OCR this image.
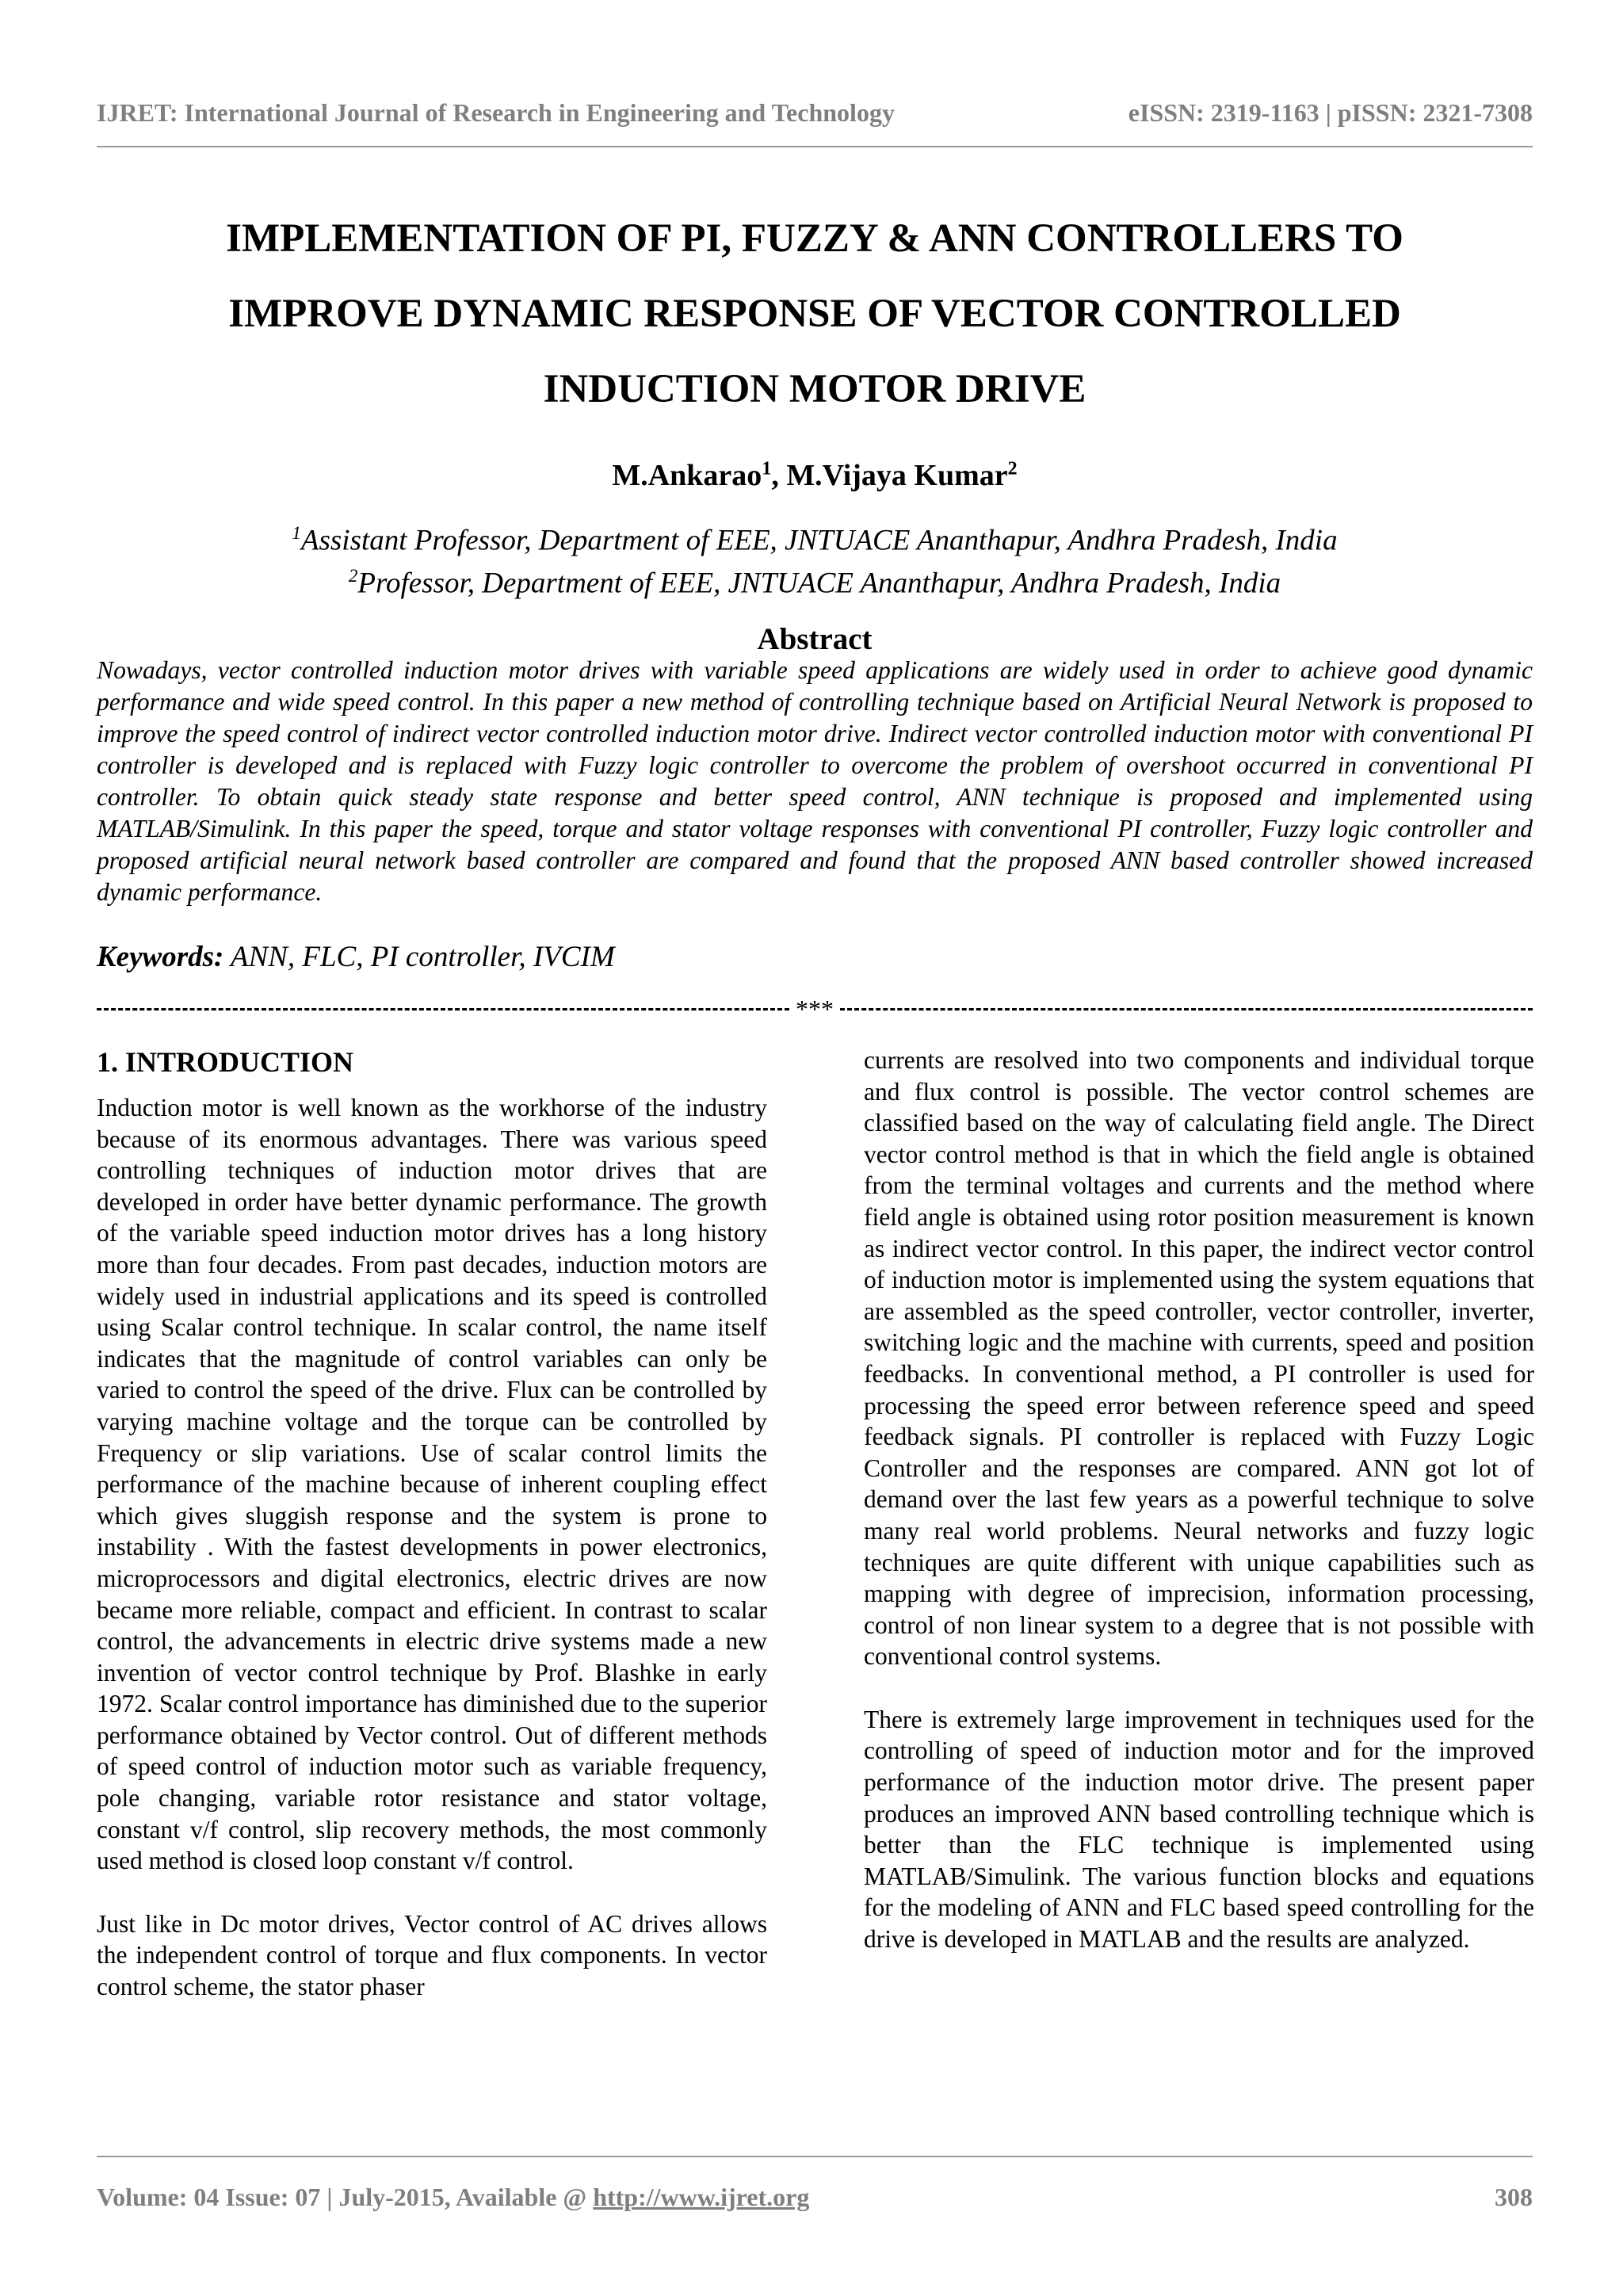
IJRET: International Journal of Research in Engineering and Technology	eISSN: 2319-1163 | pISSN: 2321-7308
IMPLEMENTATION OF PI, FUZZY & ANN CONTROLLERS TO
IMPROVE DYNAMIC RESPONSE OF VECTOR CONTROLLED
INDUCTION MOTOR DRIVE
M.Ankarao$^1$, M.Vijaya Kumar$^2$
$^1$Assistant Professor, Department of EEE, JNTUACE Ananthapur, Andhra Pradesh, India
$^2$Professor, Department of EEE, JNTUACE Ananthapur, Andhra Pradesh, India
Abstract
Nowadays, vector controlled induction motor drives with variable speed applications are widely used in order to achieve good dynamic performance and wide speed control. In this paper a new method of controlling technique based on Artificial Neural Network is proposed to improve the speed control of indirect vector controlled induction motor drive. Indirect vector controlled induction motor with conventional PI controller is developed and is replaced with Fuzzy logic controller to overcome the problem of overshoot occurred in conventional PI controller. To obtain quick steady state response and better speed control, ANN technique is proposed and implemented using MATLAB/Simulink. In this paper the speed, torque and stator voltage responses with conventional PI controller, Fuzzy logic controller and proposed artificial neural network based controller are compared and found that the proposed ANN based controller showed increased dynamic performance.
Keywords: ANN, FLC, PI controller, IVCIM
***
1. INTRODUCTION

Induction motor is well known as the workhorse of the industry because of its enormous advantages. There was various speed controlling techniques of induction motor drives that are developed in order have better dynamic performance. The growth of the variable speed induction motor drives has a long history more than four decades. From past decades, induction motors are widely used in industrial applications and its speed is controlled using Scalar control technique. In scalar control, the name itself indicates that the magnitude of control variables can only be varied to control the speed of the drive. Flux can be controlled by varying machine voltage and the torque can be controlled by Frequency or slip variations. Use of scalar control limits the performance of the machine because of inherent coupling effect which gives sluggish response and the system is prone to instability . With the fastest developments in power electronics, microprocessors and digital electronics, electric drives are now became more reliable, compact and efficient. In contrast to scalar control, the advancements in electric drive systems made a new invention of vector control technique by Prof. Blashke in early 1972. Scalar control importance has diminished due to the superior performance obtained by Vector control. Out of different methods of speed control of induction motor such as variable frequency, pole changing, variable rotor resistance and stator voltage, constant v/f control, slip recovery methods, the most commonly used method is closed loop constant v/f control.

Just like in Dc motor drives, Vector control of AC drives allows the independent control of torque and flux components. In vector control scheme, the stator phaser

currents are resolved into two components and individual torque and flux control is possible. The vector control schemes are classified based on the way of calculating field angle. The Direct vector control method is that in which the field angle is obtained from the terminal voltages and currents and the method where field angle is obtained using rotor position measurement is known as indirect vector control. In this paper, the indirect vector control of induction motor is implemented using the system equations that are assembled as the speed controller, vector controller, inverter, switching logic and the machine with currents, speed and position feedbacks. In conventional method, a PI controller is used for processing the speed error between reference speed and speed feedback signals. PI controller is replaced with Fuzzy Logic Controller and the responses are compared. ANN got lot of demand over the last few years as a powerful technique to solve many real world problems. Neural networks and fuzzy logic techniques are quite different with unique capabilities such as mapping with degree of imprecision, information processing, control of non linear system to a degree that is not possible with conventional control systems.

There is extremely large improvement in techniques used for the controlling of speed of induction motor and for the improved performance of the induction motor drive. The present paper produces an improved ANN based controlling technique which is better than the FLC technique is implemented using MATLAB/Simulink. The various function blocks and equations for the modeling of ANN and FLC based speed controlling for the drive is developed in MATLAB and the results are analyzed.

Volume: 04 Issue: 07 | July-2015, Available @ http://www.ijret.org	308
